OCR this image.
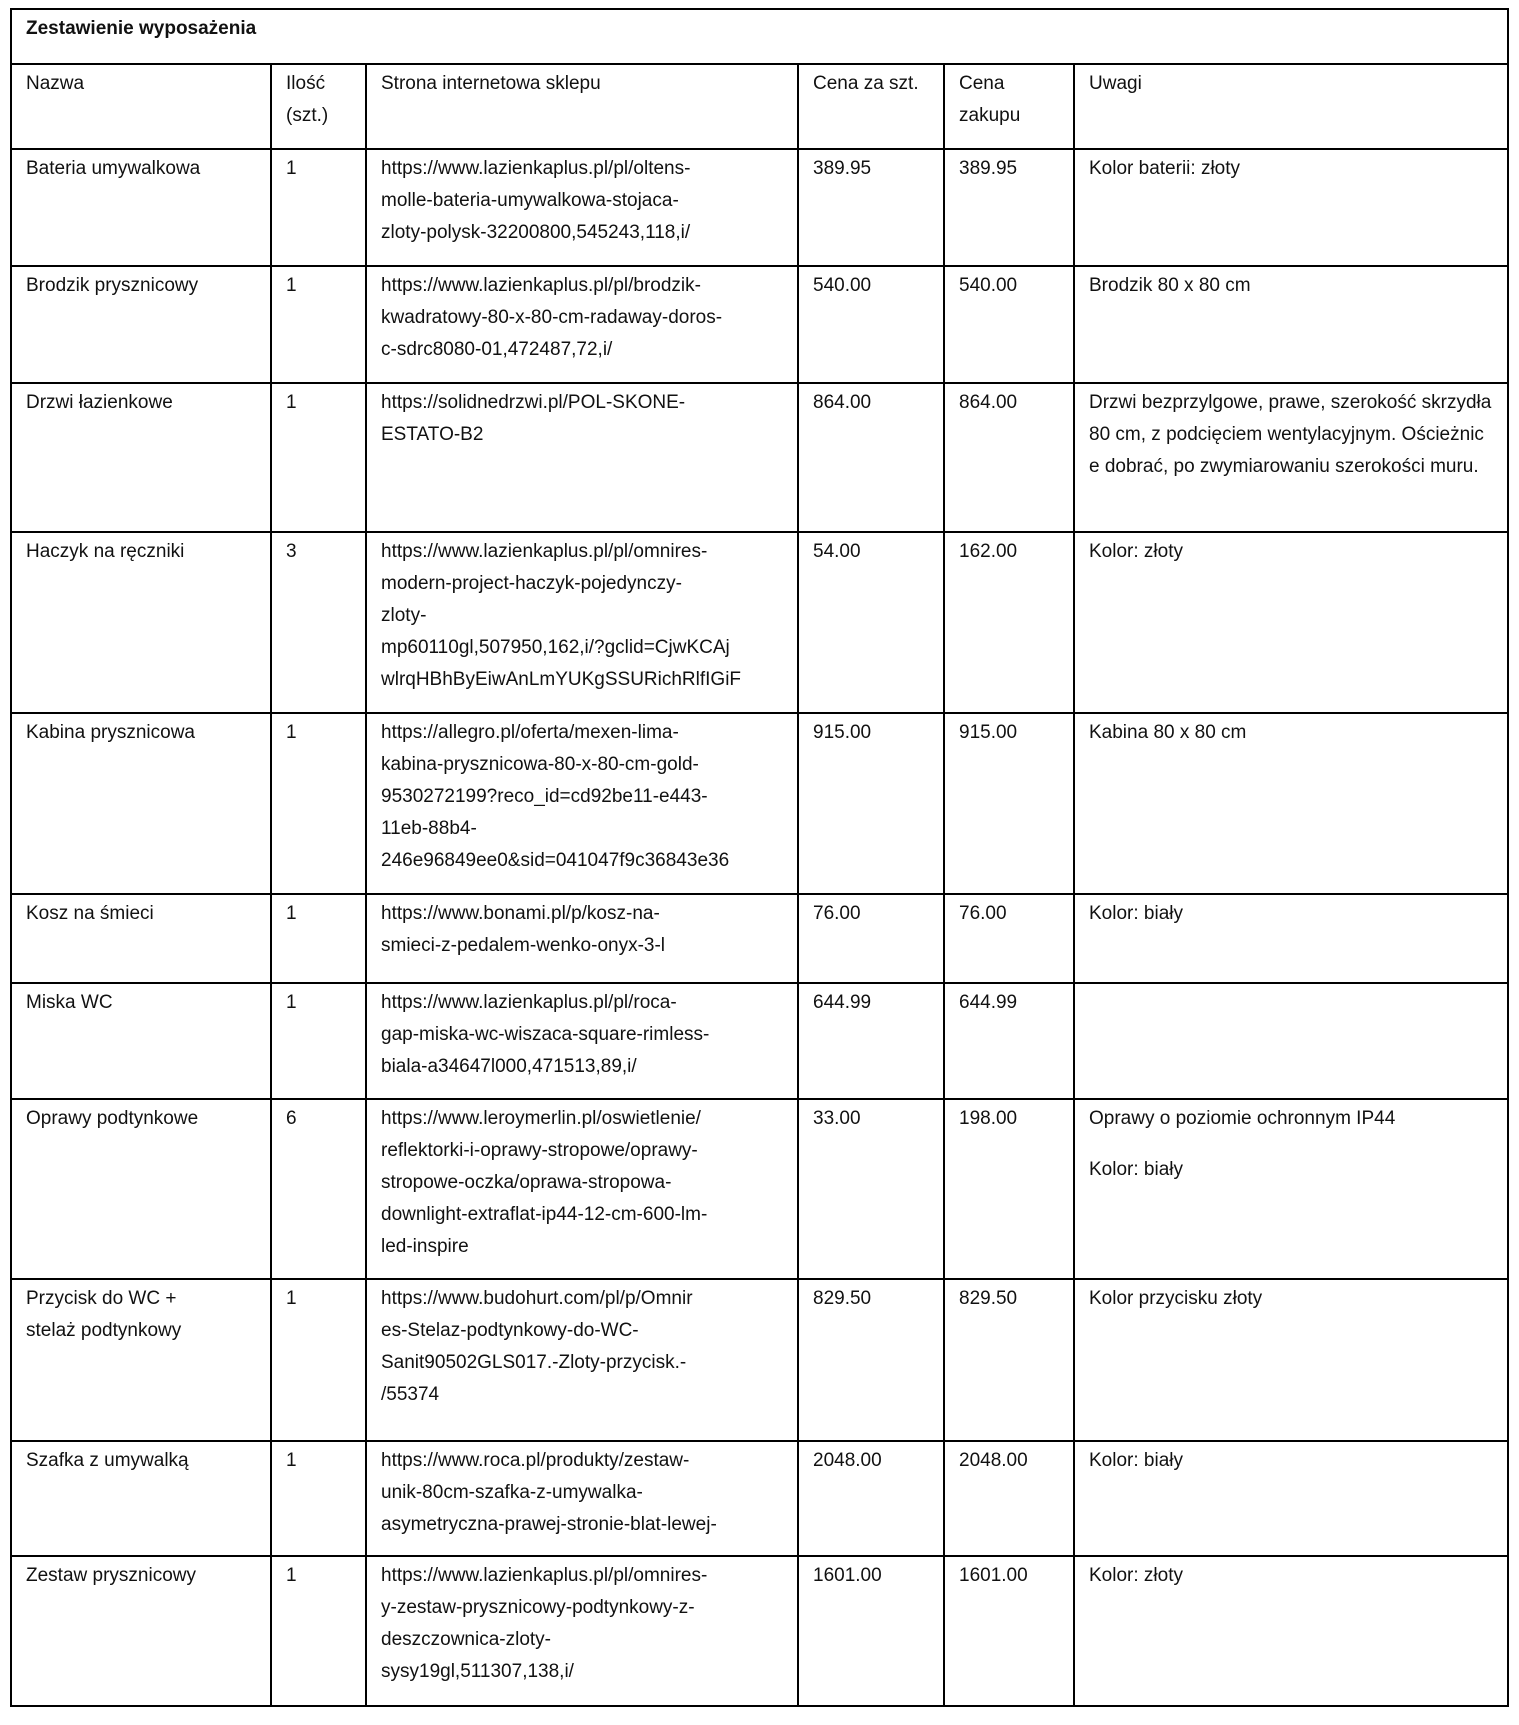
Zestawienie wyposażenia					
Nazwa	Ilość
(szt.)	Strona internetowa sklepu	Cena za szt.	Cena
zakupu	Uwagi

Bateria umywalkowa	1	https://www.lazienkaplus.pl/pl/oltens-
molle-bateria-umywalkowa-stojaca-
zloty-polysk-32200800,545243,118,i/	389.95	389.95	Kolor baterii: złoty

Brodzik prysznicowy	1	https://www.lazienkaplus.pl/pl/brodzik-
kwadratowy-80-x-80-cm-radaway-doros-
c-sdrc8080-01,472487,72,i/	540.00	540.00	Brodzik 80 x 80 cm

Drzwi łazienkowe	1	https://solidnedrzwi.pl/POL-SKONE-
ESTATO-B2	864.00	864.00	Drzwi bezprzylgowe, prawe, szerokość skrzydła 80 cm, z podcięciem wentylacyjnym. Ościeżnice dobrać, po zwymiarowaniu szerokości muru.

Haczyk na ręczniki	3	https://www.lazienkaplus.pl/pl/omnires-
modern-project-haczyk-pojedynczy-
zloty-
mp60110gl,507950,162,i/?gclid=CjwKCAj
wlrqHBhByEiwAnLmYUKgSSURichRlfIGiF	54.00	162.00	Kolor: złoty

Kabina prysznicowa	1	https://allegro.pl/oferta/mexen-lima-
kabina-prysznicowa-80-x-80-cm-gold-
9530272199?reco_id=cd92be11-e443-
11eb-88b4-
246e96849ee0&sid=041047f9c36843e36	915.00	915.00	Kabina 80 x 80 cm

Kosz na śmieci	1	https://www.bonami.pl/p/kosz-na-
smieci-z-pedalem-wenko-onyx-3-l	76.00	76.00	Kolor: biały

Miska WC	1	https://www.lazienkaplus.pl/pl/roca-
gap-miska-wc-wiszaca-square-rimless-
biala-a34647l000,471513,89,i/	644.99	644.99	

Oprawy podtynkowe	6	https://www.leroymerlin.pl/oswietlenie/
reflektorki-i-oprawy-stropowe/oprawy-
stropowe-oczka/oprawa-stropowa-
downlight-extraflat-ip44-12-cm-600-lm-
led-inspire	33.00	198.00	Oprawy o poziomie ochronnym IP44
Kolor: biały

Przycisk do WC +
stelaż podtynkowy	1	https://www.budohurt.com/pl/p/Omnir
es-Stelaz-podtynkowy-do-WC-
Sanit90502GLS017.-Zloty-przycisk.-
/55374	829.50	829.50	Kolor przycisku złoty

Szafka z umywalką	1	https://www.roca.pl/produkty/zestaw-
unik-80cm-szafka-z-umywalka-
asymetryczna-prawej-stronie-blat-lewej-	2048.00	2048.00	Kolor: biały

Zestaw prysznicowy	1	https://www.lazienkaplus.pl/pl/omnires-
y-zestaw-prysznicowy-podtynkowy-z-
deszczownica-zloty-
sysy19gl,511307,138,i/	1601.00	1601.00	Kolor: złoty
